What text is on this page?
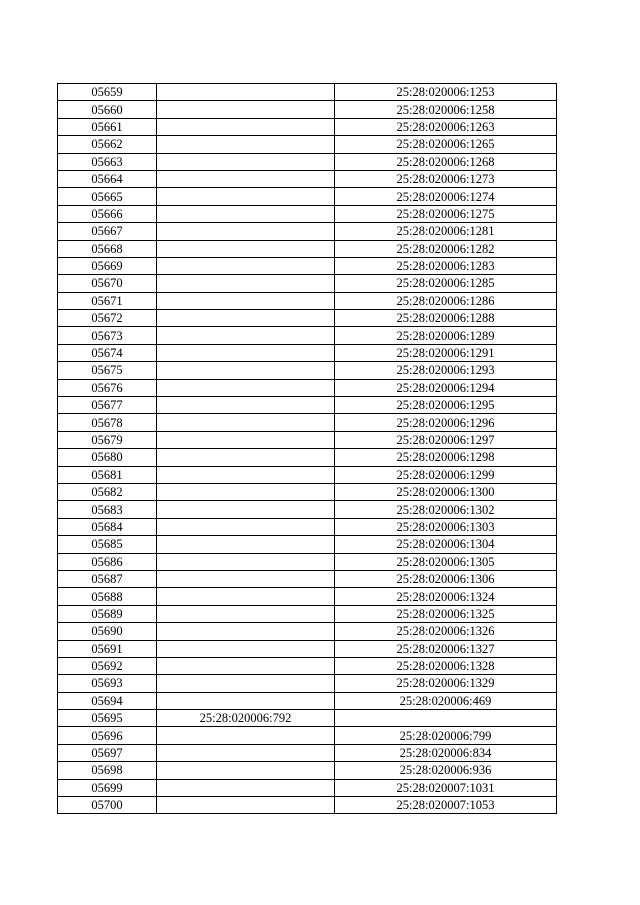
05659		25:28:020006:1253
05660		25:28:020006:1258
05661		25:28:020006:1263
05662		25:28:020006:1265
05663		25:28:020006:1268
05664		25:28:020006:1273
05665		25:28:020006:1274
05666		25:28:020006:1275
05667		25:28:020006:1281
05668		25:28:020006:1282
05669		25:28:020006:1283
05670		25:28:020006:1285
05671		25:28:020006:1286
05672		25:28:020006:1288
05673		25:28:020006:1289
05674		25:28:020006:1291
05675		25:28:020006:1293
05676		25:28:020006:1294
05677		25:28:020006:1295
05678		25:28:020006:1296
05679		25:28:020006:1297
05680		25:28:020006:1298
05681		25:28:020006:1299
05682		25:28:020006:1300
05683		25:28:020006:1302
05684		25:28:020006:1303
05685		25:28:020006:1304
05686		25:28:020006:1305
05687		25:28:020006:1306
05688		25:28:020006:1324
05689		25:28:020006:1325
05690		25:28:020006:1326
05691		25:28:020006:1327
05692		25:28:020006:1328
05693		25:28:020006:1329
05694		25:28:020006:469
05695	25:28:020006:792	
05696		25:28:020006:799
05697		25:28:020006:834
05698		25:28:020006:936
05699		25:28:020007:1031
05700		25:28:020007:1053
